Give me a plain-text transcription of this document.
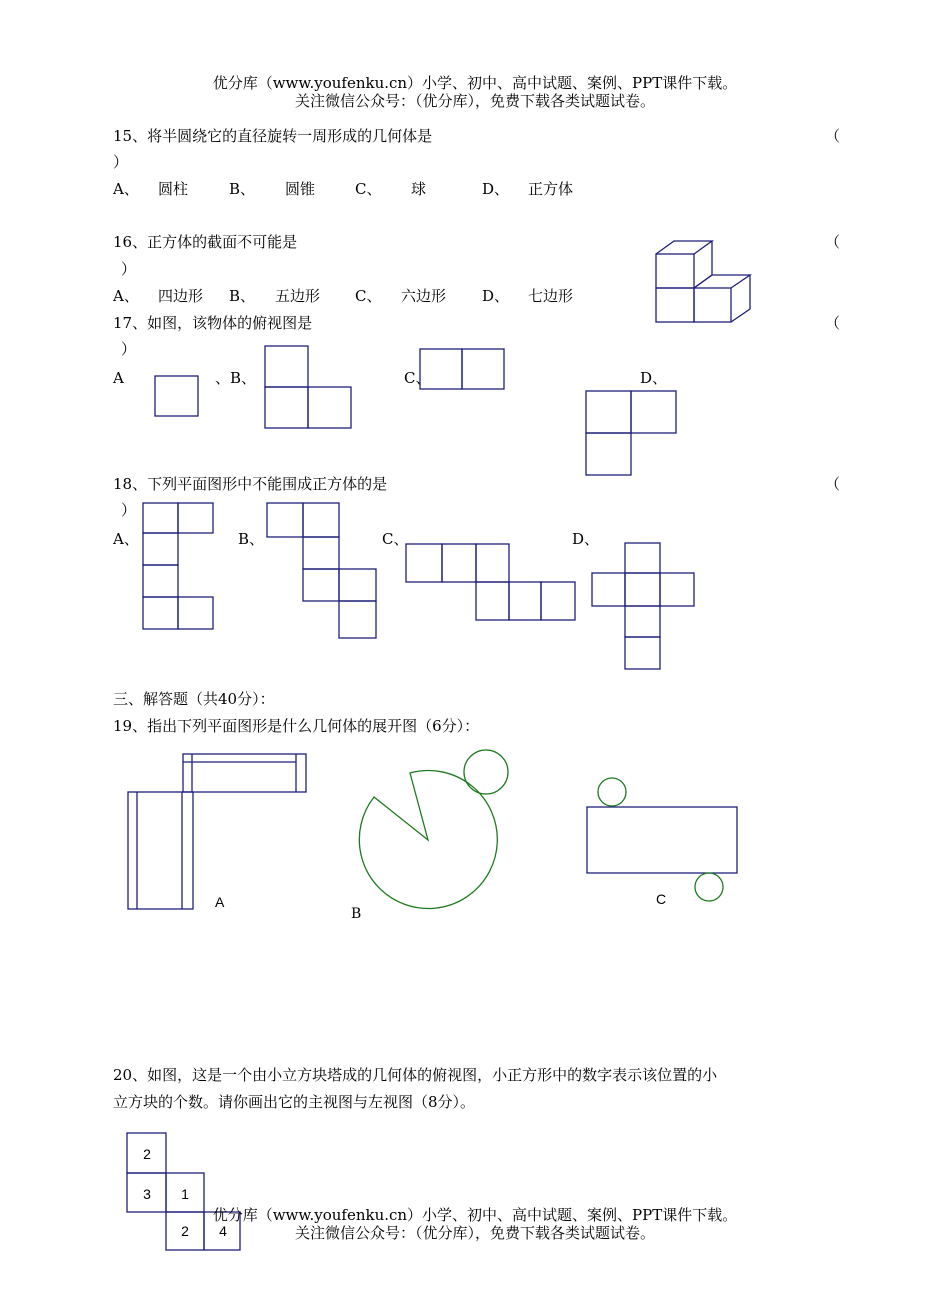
优分库（www.youfenku.cn）小学、初中、高中试题、案例、PPT课件下载。
关注微信公众号：（优分库），免费下载各类试题试卷。
15、将半圆绕它的直径旋转一周形成的几何体是	（
）
A、 圆柱	B、 圆锥	C、 球	D、 正方体
16、正方体的截面不可能是	（
）
A、 四边形 B、 五边形 C、 六边形 D、 七边形
17、如图，该物体的俯视图是	（
）
A	、B、	C、	D、
18、下列平面图形中不能围成正方体的是	（
）
A、	B、	C、	D、
三、解答题（共40分）：
19、指出下列平面图形是什么几何体的展开图（6分）：
20、如图，这是一个由小立方块塔成的几何体的俯视图，小正方形中的数字表示该位置的小
立方块的个数。请你画出它的主视图与左视图（8分）。
A
B
C
2
3 1
2 4
优分库（www.youfenku.cn）小学、初中、高中试题、案例、PPT课件下载。
关注微信公众号：（优分库），免费下载各类试题试卷。
